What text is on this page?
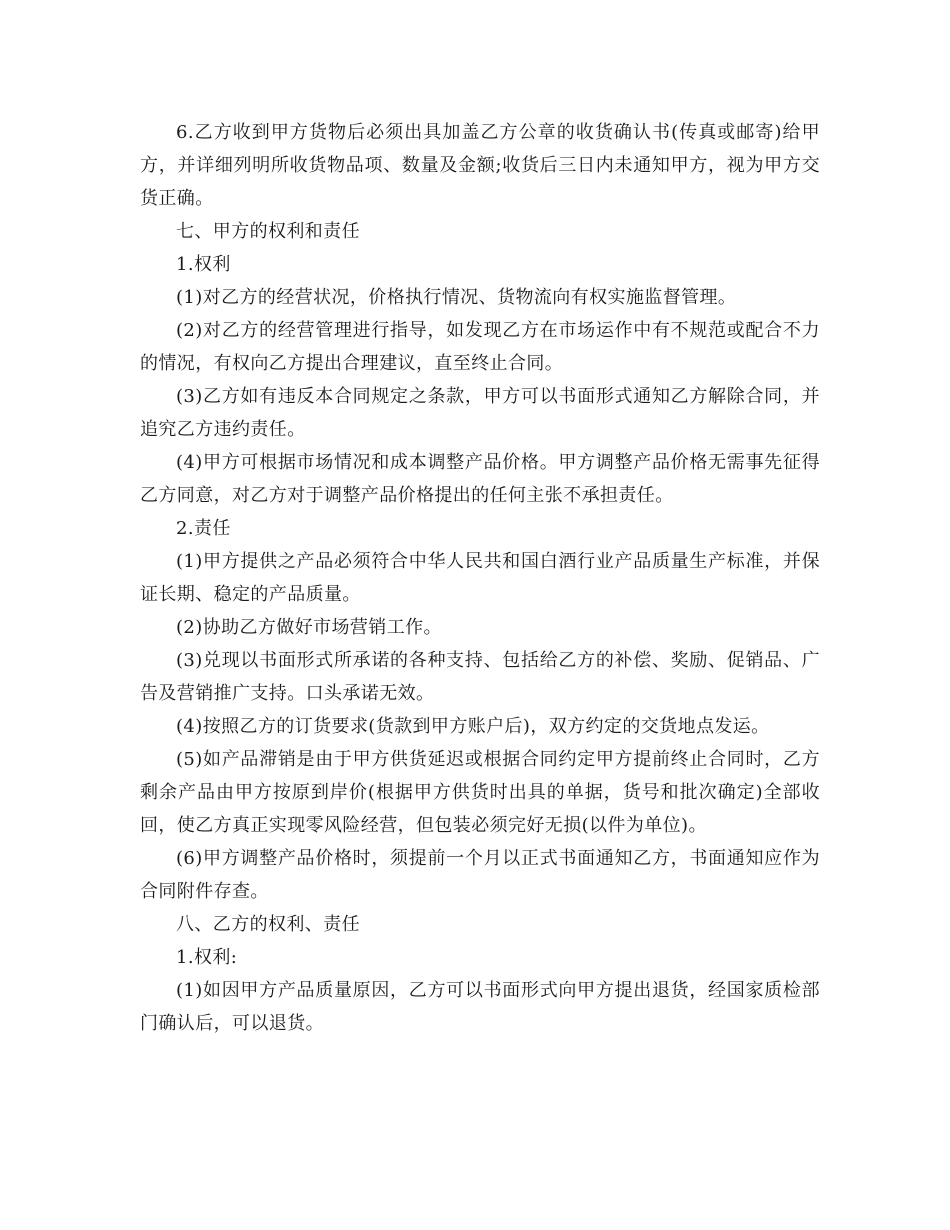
6.乙方收到甲方货物后必须出具加盖乙方公章的收货确认书(传真或邮寄)给甲方，并详细列明所收货物品项、数量及金额;收货后三日内未通知甲方，视为甲方交货正确。

七、甲方的权利和责任

1.权利

(1)对乙方的经营状况，价格执行情况、货物流向有权实施监督管理。

(2)对乙方的经营管理进行指导，如发现乙方在市场运作中有不规范或配合不力的情况，有权向乙方提出合理建议，直至终止合同。

(3)乙方如有违反本合同规定之条款，甲方可以书面形式通知乙方解除合同，并追究乙方违约责任。

(4)甲方可根据市场情况和成本调整产品价格。甲方调整产品价格无需事先征得乙方同意，对乙方对于调整产品价格提出的任何主张不承担责任。

2.责任

(1)甲方提供之产品必须符合中华人民共和国白酒行业产品质量生产标准，并保证长期、稳定的产品质量。

(2)协助乙方做好市场营销工作。

(3)兑现以书面形式所承诺的各种支持、包括给乙方的补偿、奖励、促销品、广告及营销推广支持。口头承诺无效。

(4)按照乙方的订货要求(货款到甲方账户后)，双方约定的交货地点发运。

(5)如产品滞销是由于甲方供货延迟或根据合同约定甲方提前终止合同时，乙方剩余产品由甲方按原到岸价(根据甲方供货时出具的单据，货号和批次确定)全部收回，使乙方真正实现零风险经营，但包装必须完好无损(以件为单位)。

(6)甲方调整产品价格时，须提前一个月以正式书面通知乙方，书面通知应作为合同附件存查。

八、乙方的权利、责任

1.权利:

(1)如因甲方产品质量原因，乙方可以书面形式向甲方提出退货，经国家质检部门确认后，可以退货。
